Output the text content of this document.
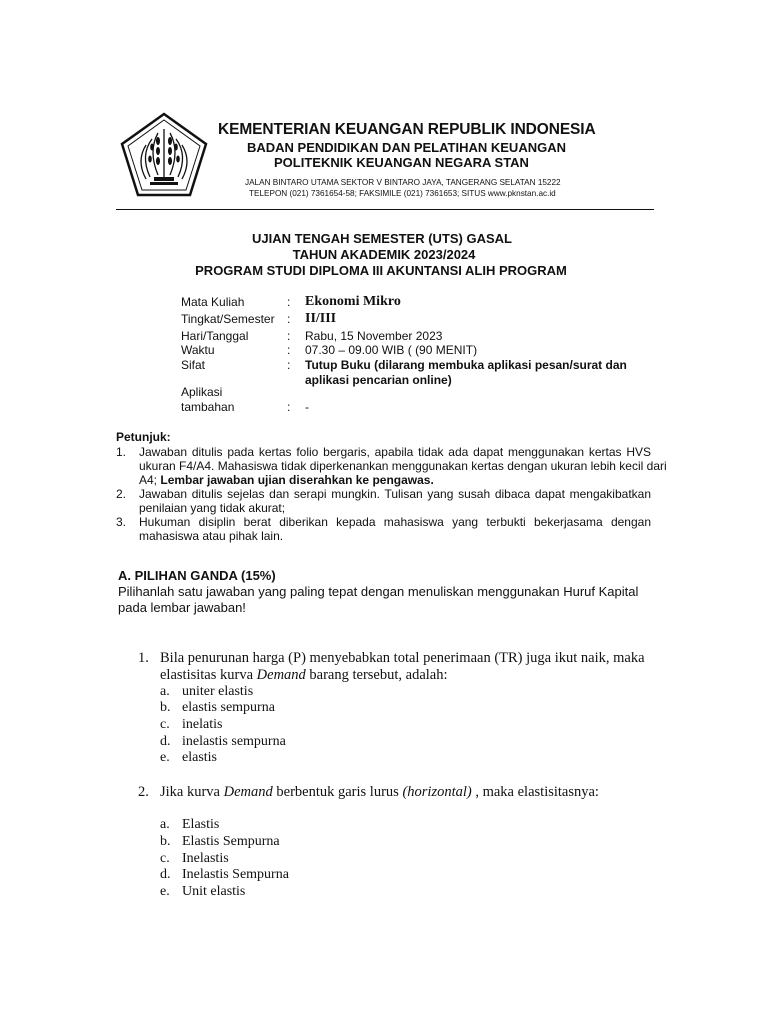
KEMENTERIAN KEUANGAN REPUBLIK INDONESIA
BADAN PENDIDIKAN DAN PELATIHAN KEUANGAN
POLITEKNIK KEUANGAN NEGARA STAN
JALAN BINTARO UTAMA SEKTOR V BINTARO JAYA, TANGERANG SELATAN 15222
TELEPON (021) 7361654-58; FAKSIMILE (021) 7361653; SITUS www.pknstan.ac.id
UJIAN TENGAH SEMESTER (UTS) GASAL
TAHUN AKADEMIK 2023/2024
PROGRAM STUDI DIPLOMA III AKUNTANSI ALIH PROGRAM
Mata Kuliah	: Ekonomi Mikro
Tingkat/Semester : II/III
Hari/Tanggal	: Rabu, 15 November 2023
Waktu	: 07.30 – 09.00 WIB ( (90 MENIT)
Sifat	: Tutup Buku (dilarang membuka aplikasi pesan/surat dan
aplikasi pencarian online)
Aplikasi
tambahan	: -
Petunjuk:
1. Jawaban ditulis pada kertas folio bergaris, apabila tidak ada dapat menggunakan kertas HVS
ukuran F4/A4. Mahasiswa tidak diperkenankan menggunakan kertas dengan ukuran lebih kecil dari
A4; Lembar jawaban ujian diserahkan ke pengawas.
2. Jawaban ditulis sejelas dan serapi mungkin. Tulisan yang susah dibaca dapat mengakibatkan
penilaian yang tidak akurat;
3. Hukuman disiplin berat diberikan kepada mahasiswa yang terbukti bekerjasama dengan
mahasiswa atau pihak lain.
A. PILIHAN GANDA (15%)
Pilihanlah satu jawaban yang paling tepat dengan menuliskan menggunakan Huruf Kapital
pada lembar jawaban!
1. Bila penurunan harga (P) menyebabkan total penerimaan (TR) juga ikut naik, maka
elastisitas kurva Demand barang tersebut, adalah:
a. uniter elastis
b. elastis sempurna
c. inelatis
d. inelastis sempurna
e. elastis
2. Jika kurva Demand berbentuk garis lurus (horizontal) , maka elastisitasnya:
a. Elastis
b. Elastis Sempurna
c. Inelastis
d. Inelastis Sempurna
e. Unit elastis
